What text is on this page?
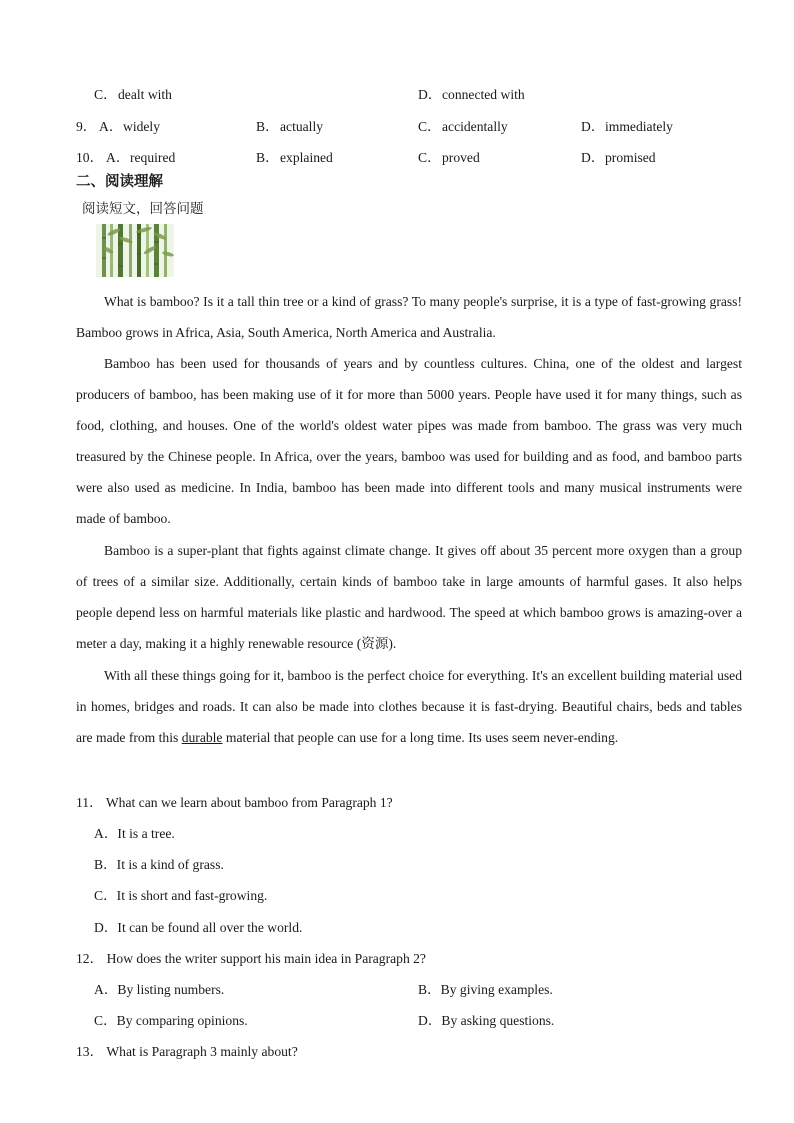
C．dealt with	D．connected with
9． A．widely	B．actually	C．accidentally	D．immediately
10． A．required	B．explained	C．proved	D．promised
二、阅读理解
阅读短文，回答问题
What is bamboo? Is it a tall thin tree or a kind of grass? To many people's surprise, it is a type of fast-growing grass! Bamboo grows in Africa, Asia, South America, North America and Australia.
Bamboo has been used for thousands of years and by countless cultures. China, one of the oldest and largest producers of bamboo, has been making use of it for more than 5000 years. People have used it for many things, such as food, clothing, and houses. One of the world's oldest water pipes was made from bamboo. The grass was very much treasured by the Chinese people. In Africa, over the years, bamboo was used for building and as food, and bamboo parts were also used as medicine. In India, bamboo has been made into different tools and many musical instruments were made of bamboo.
Bamboo is a super-plant that fights against climate change. It gives off about 35 percent more oxygen than a group of trees of a similar size. Additionally, certain kinds of bamboo take in large amounts of harmful gases. It also helps people depend less on harmful materials like plastic and hardwood. The speed at which bamboo grows is amazing-over a meter a day, making it a highly renewable resource (资源).
With all these things going for it, bamboo is the perfect choice for everything. It's an excellent building material used in homes, bridges and roads. It can also be made into clothes because it is fast-drying. Beautiful chairs, beds and tables are made from this durable material that people can use for a long time. Its uses seem never-ending.
11． What can we learn about bamboo from Paragraph 1?
A．It is a tree.
B．It is a kind of grass.
C．It is short and fast-growing.
D．It can be found all over the world.
12． How does the writer support his main idea in Paragraph 2?
A．By listing numbers.	B．By giving examples.
C．By comparing opinions.	D．By asking questions.
13． What is Paragraph 3 mainly about?
